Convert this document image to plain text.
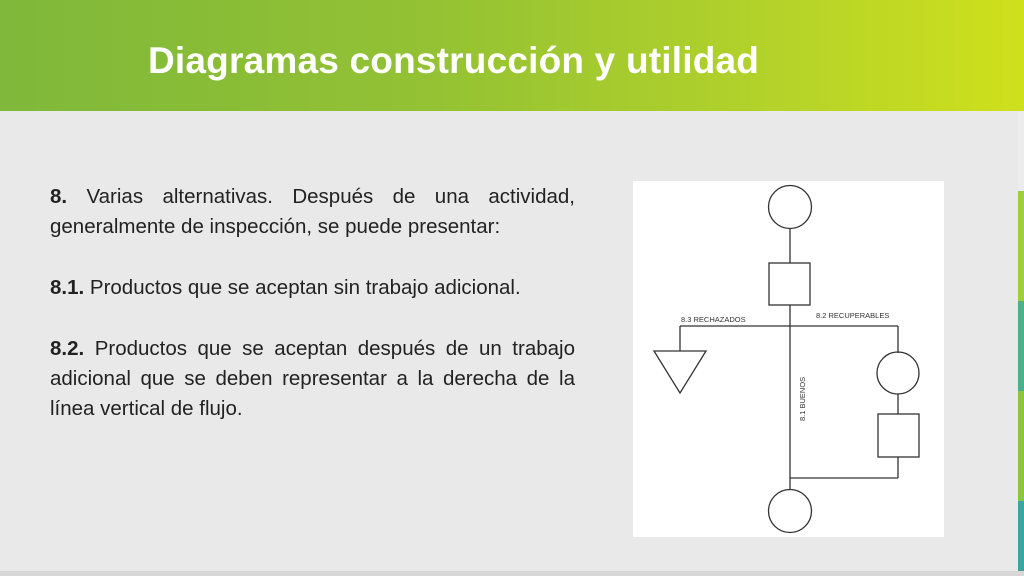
Diagramas construcción y utilidad

8. Varias alternativas. Después de una actividad, generalmente de inspección, se puede presentar:

8.1. Productos que se aceptan sin trabajo adicional.

8.2. Productos que se aceptan después de un trabajo adicional que se deben representar a la derecha de la línea vertical de flujo.

8.3 RECHAZADOS	8.2 RECUPERABLES
8.1 BUENOS
